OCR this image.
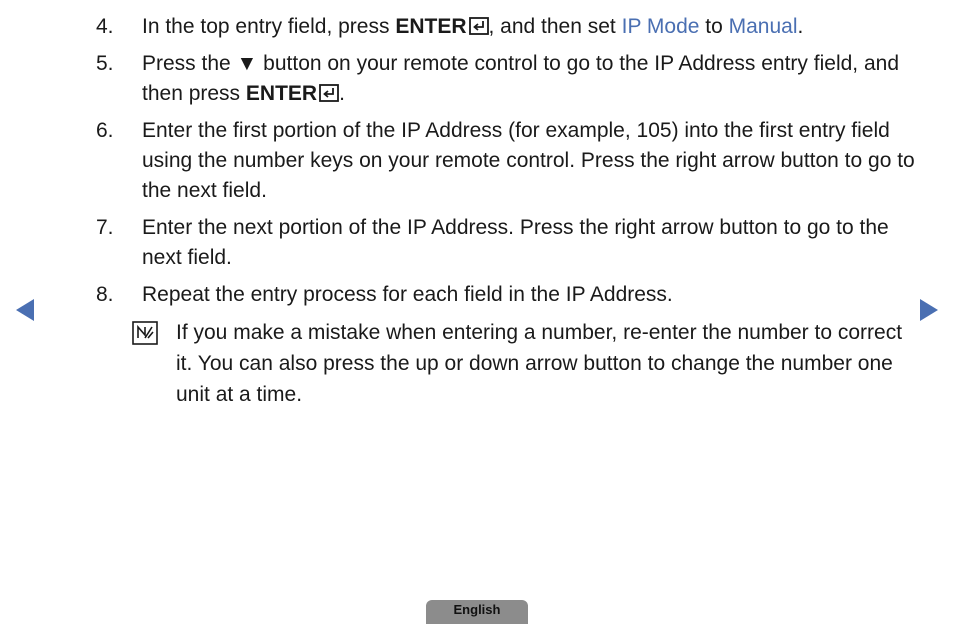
4.	In the top entry field, press ENTER , and then set IP Mode to Manual.
5.	Press the ▼ button on your remote control to go to the IP Address entry field, and then press ENTER .
6.	Enter the first portion of the IP Address (for example, 105) into the first entry field using the number keys on your remote control. Press the right arrow button to go to the next field.
7.	Enter the next portion of the IP Address. Press the right arrow button to go to the next field.
8.	Repeat the entry process for each field in the IP Address.
If you make a mistake when entering a number, re-enter the number to correct it. You can also press the up or down arrow button to change the number one unit at a time.
English
